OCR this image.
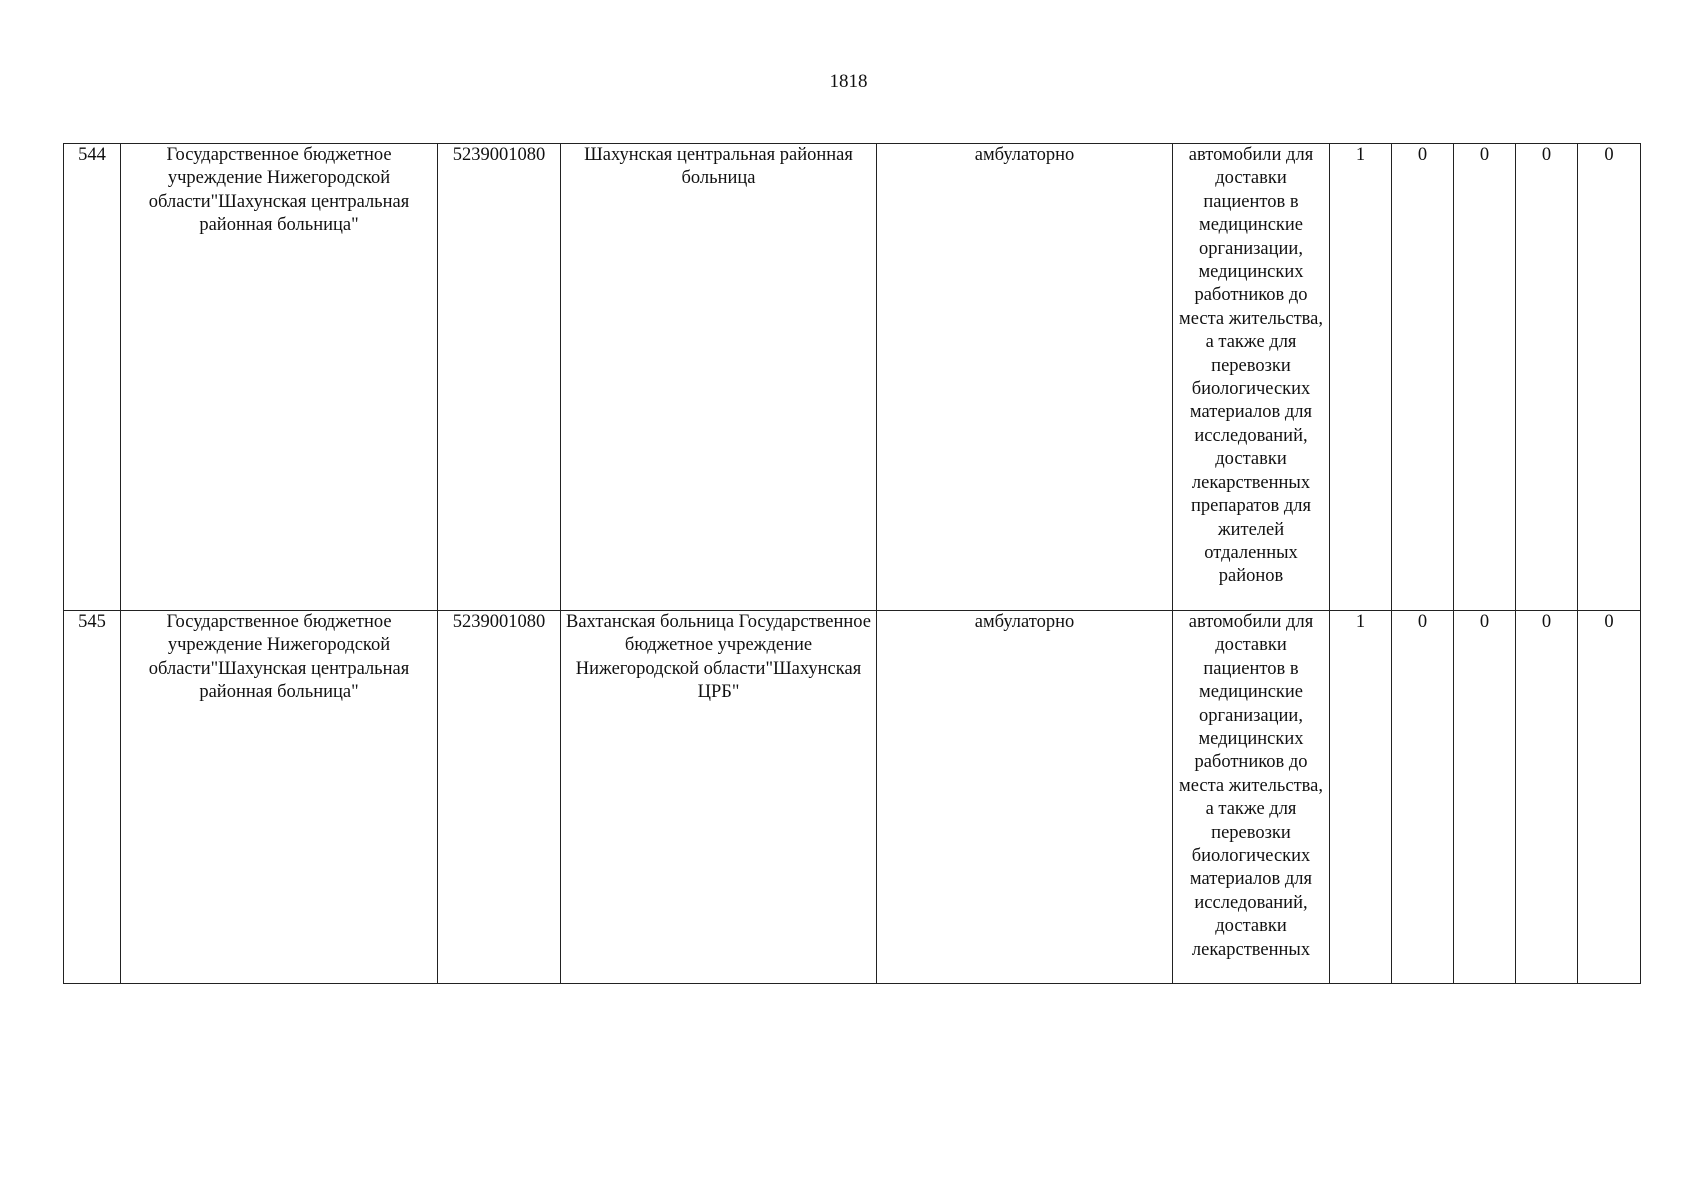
1818
544	Государственное бюджетное учреждение Нижегородской области"Шахунская центральная районная больница"	5239001080	Шахунская центральная районная больница	амбулаторно	автомобили для доставки пациентов в медицинские организации, медицинских работников до места жительства, а также для перевозки биологических материалов для исследований, доставки лекарственных препаратов для жителей отдаленных районов	1	0	0	0	0

545	Государственное бюджетное учреждение Нижегородской области"Шахунская центральная районная больница"	5239001080	Вахтанская больница Государственное бюджетное учреждение Нижегородской области"Шахунская ЦРБ"	амбулаторно	автомобили для доставки пациентов в медицинские организации, медицинских работников до места жительства, а также для перевозки биологических материалов для исследований, доставки лекарственных	1	0	0	0	0
